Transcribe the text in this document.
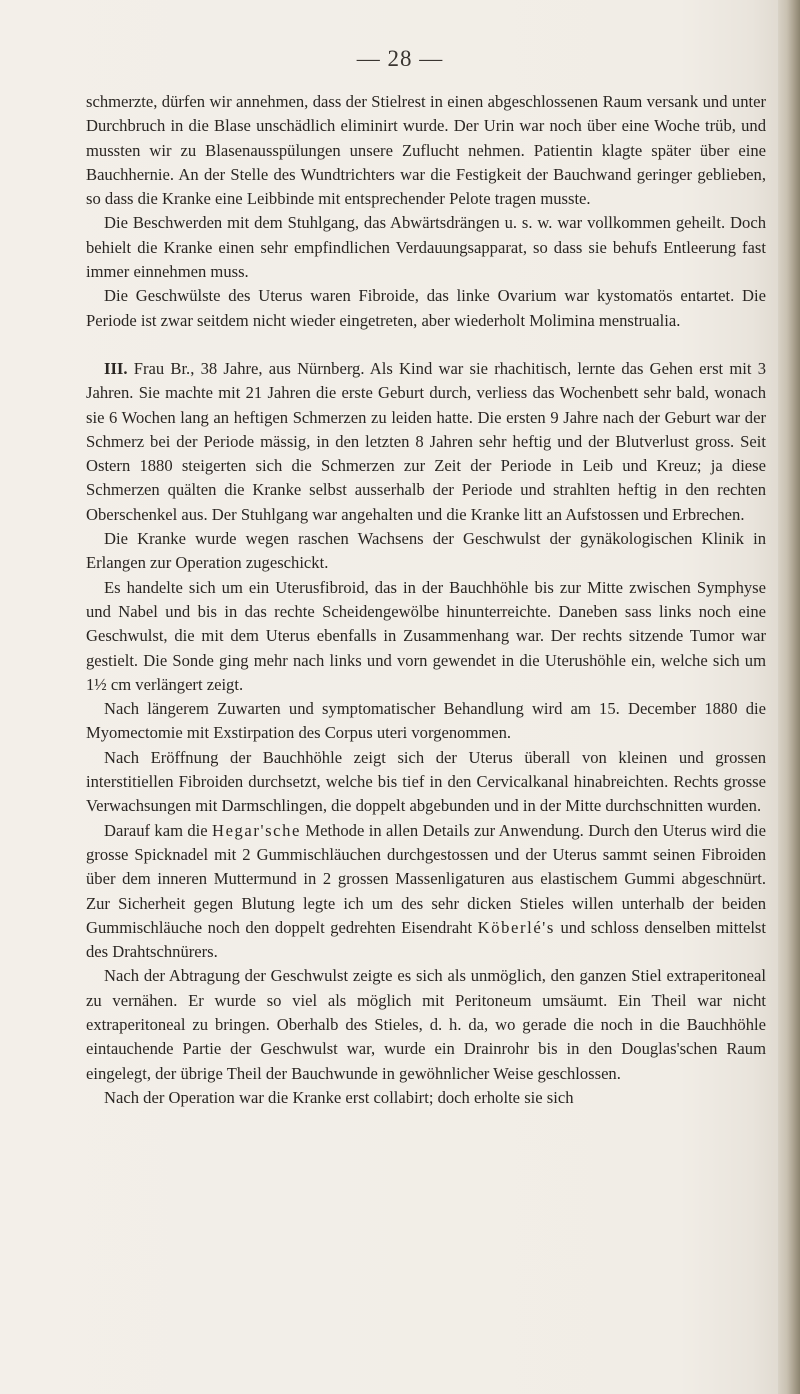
— 28 —

schmerzte, dürfen wir annehmen, dass der Stielrest in einen abgeschlossenen Raum versank und unter Durchbruch in die Blase unschädlich eliminirt wurde. Der Urin war noch über eine Woche trüb, und mussten wir zu Blasenausspülungen unsere Zuflucht nehmen. Patientin klagte später über eine Bauchhernie. An der Stelle des Wundtrichters war die Festigkeit der Bauchwand geringer geblieben, so dass die Kranke eine Leibbinde mit entsprechender Pelote tragen musste.

Die Beschwerden mit dem Stuhlgang, das Abwärtsdrängen u. s. w. war vollkommen geheilt. Doch behielt die Kranke einen sehr empfindlichen Verdauungsapparat, so dass sie behufs Entleerung fast immer einnehmen muss.

Die Geschwülste des Uterus waren Fibroide, das linke Ovarium war kystomatös entartet. Die Periode ist zwar seitdem nicht wieder eingetreten, aber wiederholt Molimina menstrualia.

III. Frau Br., 38 Jahre, aus Nürnberg. Als Kind war sie rhachitisch, lernte das Gehen erst mit 3 Jahren. Sie machte mit 21 Jahren die erste Geburt durch, verliess das Wochenbett sehr bald, wonach sie 6 Wochen lang an heftigen Schmerzen zu leiden hatte. Die ersten 9 Jahre nach der Geburt war der Schmerz bei der Periode mässig, in den letzten 8 Jahren sehr heftig und der Blutverlust gross. Seit Ostern 1880 steigerten sich die Schmerzen zur Zeit der Periode in Leib und Kreuz; ja diese Schmerzen quälten die Kranke selbst ausserhalb der Periode und strahlten heftig in den rechten Oberschenkel aus. Der Stuhlgang war angehalten und die Kranke litt an Aufstossen und Erbrechen.

Die Kranke wurde wegen raschen Wachsens der Geschwulst der gynäkologischen Klinik in Erlangen zur Operation zugeschickt.

Es handelte sich um ein Uterusfibroid, das in der Bauchhöhle bis zur Mitte zwischen Symphyse und Nabel und bis in das rechte Scheidengewölbe hinunterreichte. Daneben sass links noch eine Geschwulst, die mit dem Uterus ebenfalls in Zusammenhang war. Der rechts sitzende Tumor war gestielt. Die Sonde ging mehr nach links und vorn gewendet in die Uterushöhle ein, welche sich um 1½ cm verlängert zeigt.

Nach längerem Zuwarten und symptomatischer Behandlung wird am 15. December 1880 die Myomectomie mit Exstirpation des Corpus uteri vorgenommen.

Nach Eröffnung der Bauchhöhle zeigt sich der Uterus überall von kleinen und grossen interstitiellen Fibroiden durchsetzt, welche bis tief in den Cervicalkanal hinabreichten. Rechts grosse Verwachsungen mit Darmschlingen, die doppelt abgebunden und in der Mitte durchschnitten wurden.

Darauf kam die Hegar'sche Methode in allen Details zur Anwendung. Durch den Uterus wird die grosse Spicknadel mit 2 Gummischläuchen durchgestossen und der Uterus sammt seinen Fibroiden über dem inneren Muttermund in 2 grossen Massenligaturen aus elastischem Gummi abgeschnürt. Zur Sicherheit gegen Blutung legte ich um des sehr dicken Stieles willen unterhalb der beiden Gummischläuche noch den doppelt gedrehten Eisendraht Köberlé's und schloss denselben mittelst des Drahtschnürers.

Nach der Abtragung der Geschwulst zeigte es sich als unmöglich, den ganzen Stiel extraperitoneal zu vernähen. Er wurde so viel als möglich mit Peritoneum umsäumt. Ein Theil war nicht extraperitoneal zu bringen. Oberhalb des Stieles, d. h. da, wo gerade die noch in die Bauchhöhle eintauchende Partie der Geschwulst war, wurde ein Drainrohr bis in den Douglas'schen Raum eingelegt, der übrige Theil der Bauchwunde in gewöhnlicher Weise geschlossen.

Nach der Operation war die Kranke erst collabirt; doch erholte sie sich
